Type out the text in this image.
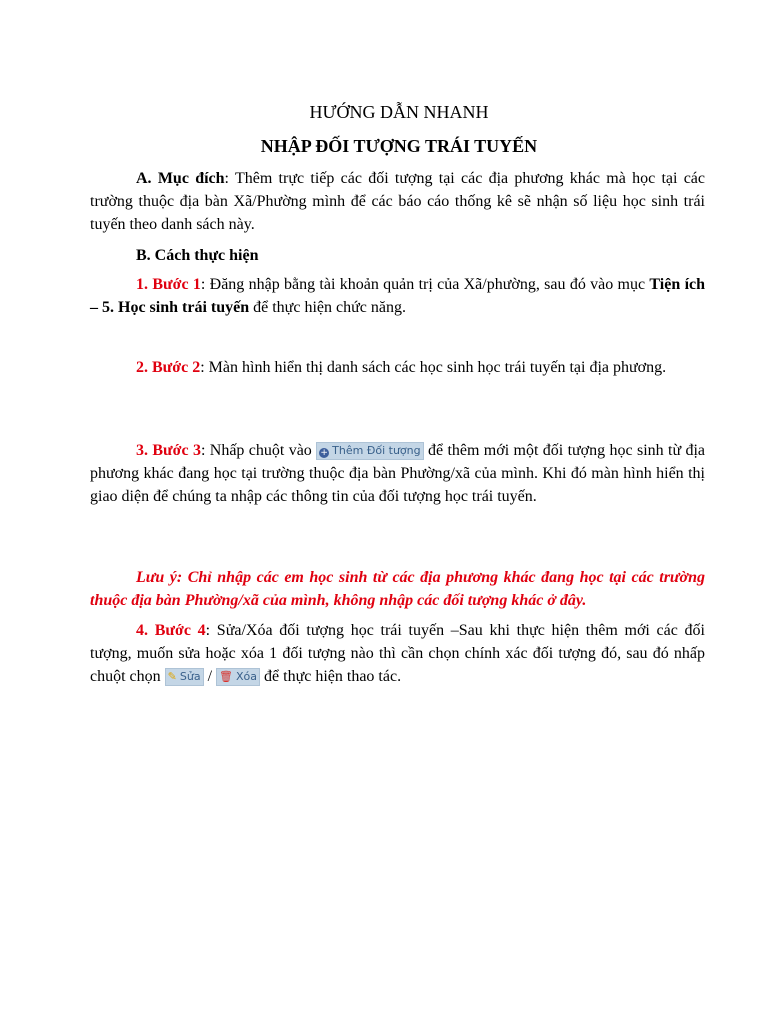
HƯỚNG DẪN NHANH
NHẬP ĐỐI TƯỢNG TRÁI TUYẾN

A. Mục đích: Thêm trực tiếp các đối tượng tại các địa phương khác mà học tại các trường thuộc địa bàn Xã/Phường mình để các báo cáo thống kê sẽ nhận số liệu học sinh trái tuyến theo danh sách này.

B. Cách thực hiện

1. Bước 1: Đăng nhập bằng tài khoản quản trị của Xã/phường, sau đó vào mục Tiện ích – 5. Học sinh trái tuyến để thực hiện chức năng.

2. Bước 2: Màn hình hiển thị danh sách các học sinh học trái tuyến tại địa phương.

3. Bước 3: Nhấp chuột vào + Thêm Đối tượng để thêm mới một đối tượng học sinh từ địa phương khác đang học tại trường thuộc địa bàn Phường/xã của mình. Khi đó màn hình hiển thị giao diện để chúng ta nhập các thông tin của đối tượng học trái tuyến.

Lưu ý: Chỉ nhập các em học sinh từ các địa phương khác đang học tại các trường thuộc địa bàn Phường/xã của mình, không nhập các đối tượng khác ở đây.

4. Bước 4: Sửa/Xóa đối tượng học trái tuyến –Sau khi thực hiện thêm mới các đối tượng, muốn sửa hoặc xóa 1 đối tượng nào thì cần chọn chính xác đối tượng đó, sau đó nhấp chuột chọn ✎ Sửa / 🗑 Xóa để thực hiện thao tác.
